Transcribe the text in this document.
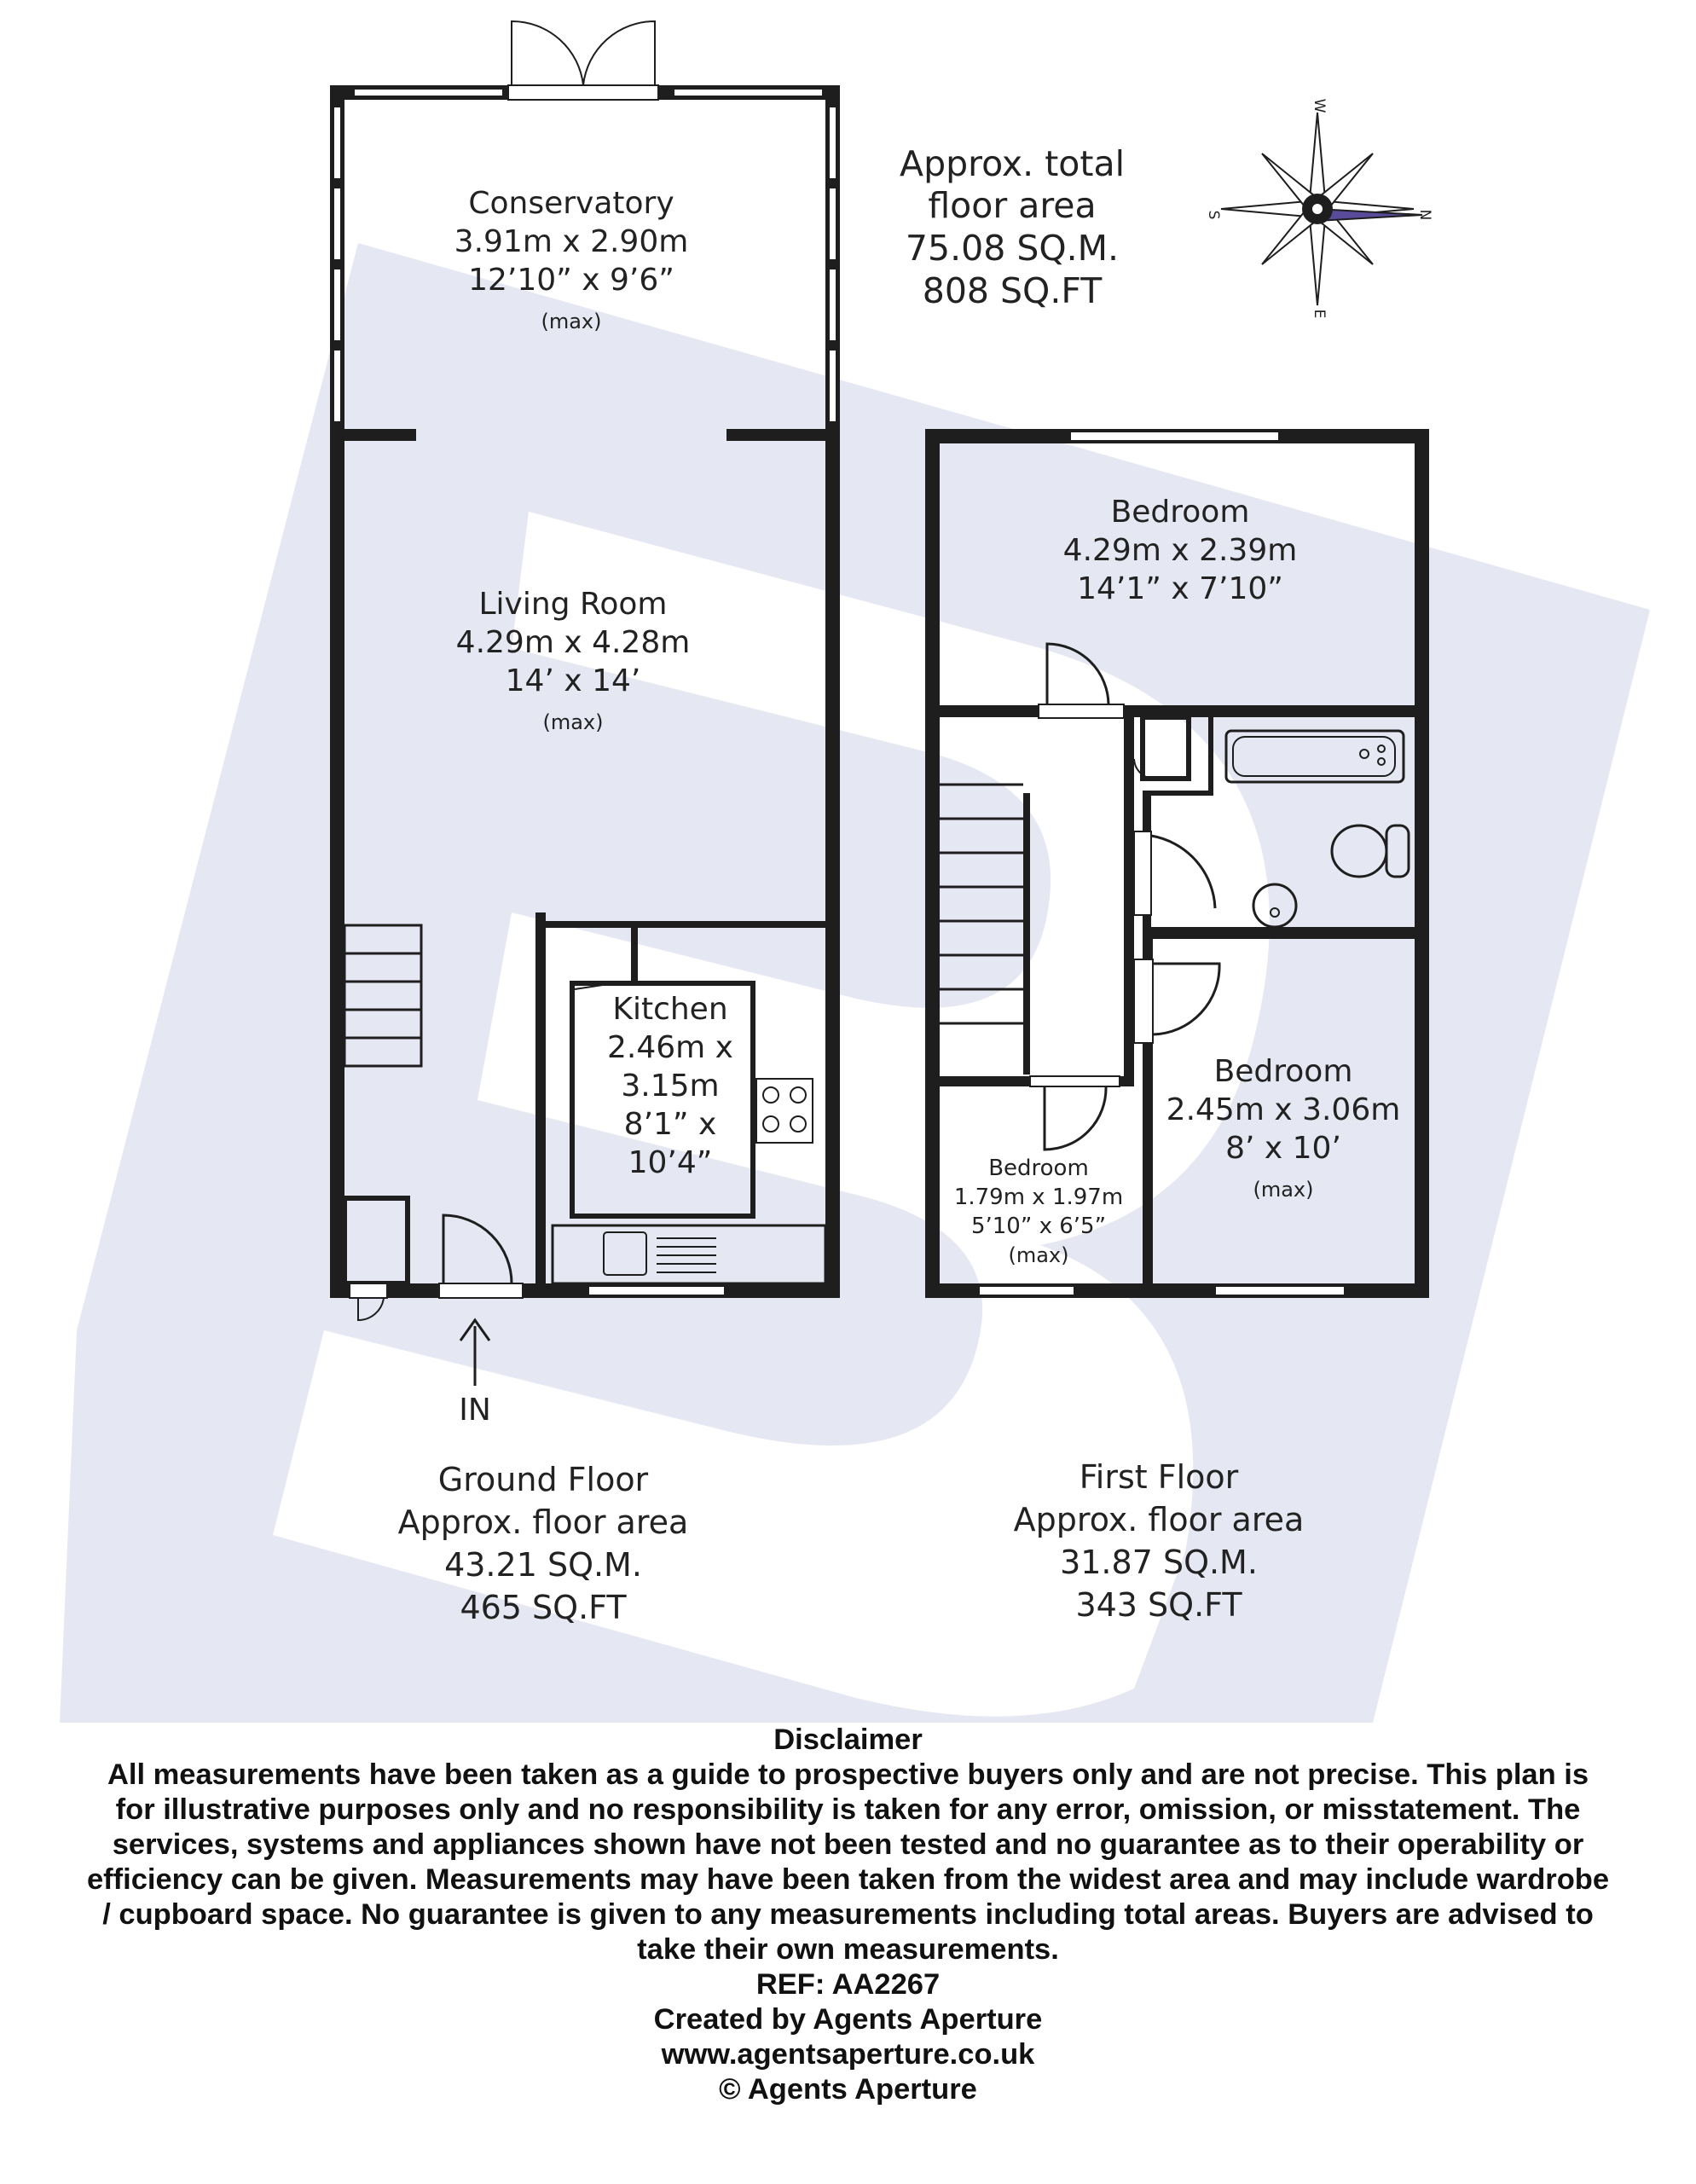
N
S
W
E
Approx. total
floor area
75.08 SQ.M.
808 SQ.FT
Conservatory
3.91m x 2.90m
12’10” x 9’6”
(max)
Living Room
4.29m x 4.28m
14’ x 14’
(max)
Kitchen
2.46m x
3.15m
8’1” x
10’4”
IN
Ground Floor
Approx. floor area
43.21 SQ.M.
465 SQ.FT
Bedroom
4.29m x 2.39m
14’1” x 7’10”
Bedroom
2.45m x 3.06m
8’ x 10’
(max)
Bedroom
1.79m x 1.97m
5’10” x 6’5”
(max)
First Floor
Approx. floor area
31.87 SQ.M.
343 SQ.FT
Disclaimer
All measurements have been taken as a guide to prospective buyers only and are not precise. This plan is
for illustrative purposes only and no responsibility is taken for any error, omission, or misstatement. The
services, systems and appliances shown have not been tested and no guarantee as to their operability or
efficiency can be given. Measurements may have been taken from the widest area and may include wardrobe
/ cupboard space. No guarantee is given to any measurements including total areas. Buyers are advised to
take their own measurements.
REF: AA2267
Created by Agents Aperture
www.agentsaperture.co.uk
© Agents Aperture
